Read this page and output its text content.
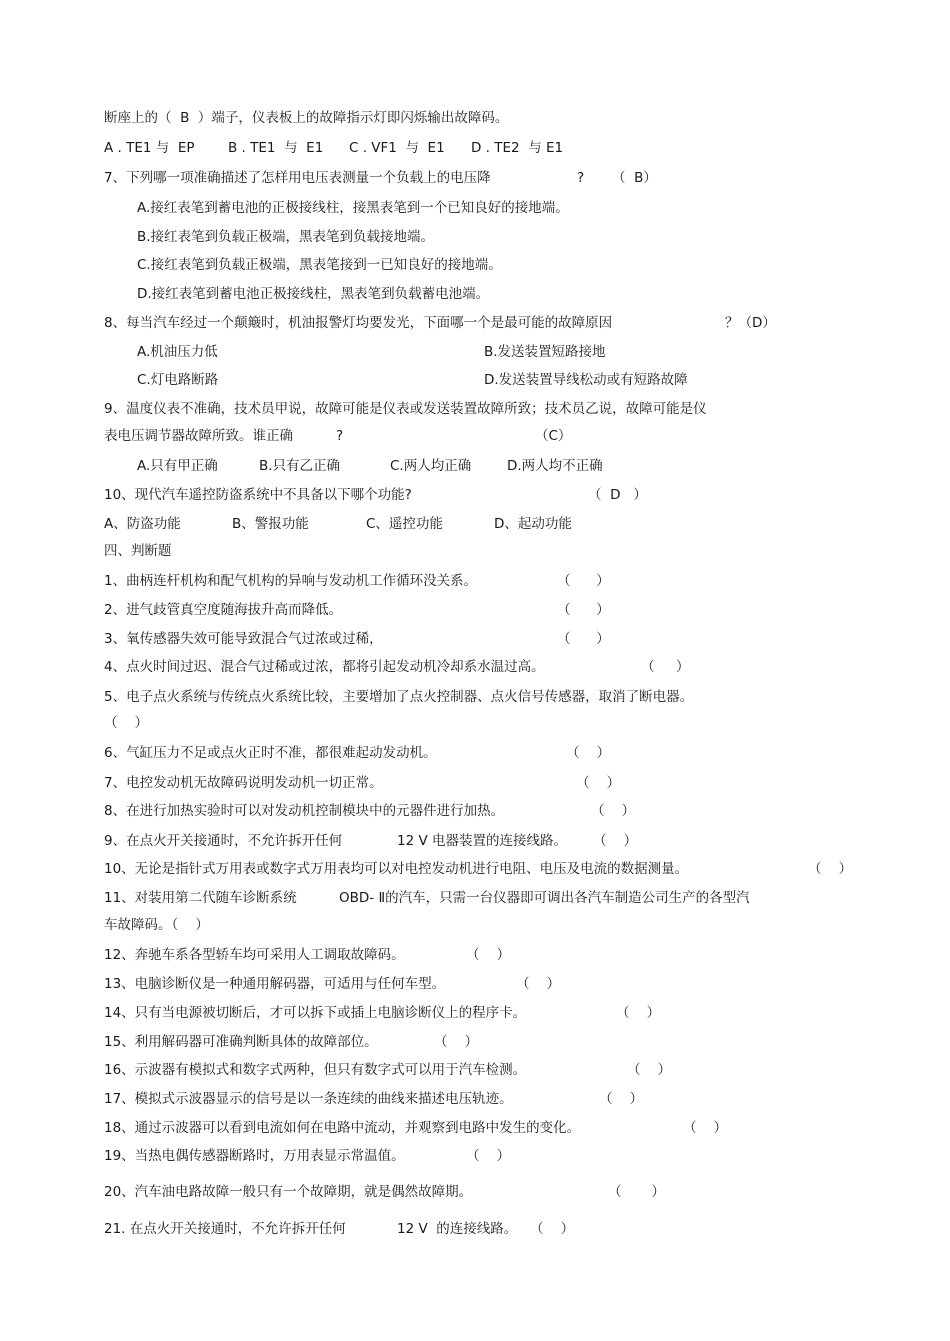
断座上的（  B  ）端子，仪表板上的故障指示灯即闪烁输出故障码。
A . TE1 与  EP B . TE1  与  E1 C . VF1  与  E1 D . TE2  与 E1
7、下列哪一项准确描述了怎样用电压表测量一个负载上的电压降	? （  B）
A.接红表笔到蓄电池的正极接线柱，接黑表笔到一个已知良好的接地端。
B.接红表笔到负载正极端，黑表笔到负载接地端。
C.接红表笔到负载正极端，黑表笔接到一已知良好的接地端。
D.接红表笔到蓄电池正极接线柱，黑表笔到负载蓄电池端。
8、每当汽车经过一个颠簸时，机油报警灯均要发光，下面哪一个是最可能的故障原因	？（D）
A.机油压力低	B.发送装置短路接地
C.灯电路断路	D.发送装置导线松动或有短路故障
9、温度仪表不准确，技术员甲说，故障可能是仪表或发送装置故障所致；技术员乙说，故障可能是仪
表电压调节器故障所致。谁正确	?	（C）
A.只有甲正确	B.只有乙正确	C.两人均正确	D.两人均不正确
10、现代汽车遥控防盗系统中不具备以下哪个功能?	（  D   ）
A、防盗功能	B、警报功能	C、遥控功能	D、起动功能
四、判断题
1、曲柄连杆机构和配气机构的异响与发动机工作循环没关系。	（      ）
2、进气歧管真空度随海拔升高而降低。	（      ）
3、氧传感器失效可能导致混合气过浓或过稀，	（      ）
4、点火时间过迟、混合气过稀或过浓，都将引起发动机冷却系水温过高。	（     ）
5、电子点火系统与传统点火系统比较，主要增加了点火控制器、点火信号传感器，取消了断电器。
（    ）
6、气缸压力不足或点火正时不准，都很难起动发动机。	（    ）
7、电控发动机无故障码说明发动机一切正常。	（    ）
8、在进行加热实验时可以对发动机控制模块中的元器件进行加热。	（    ）
9、在点火开关接通时，不允许拆开任何	12 V 电器装置的连接线路。 （    ）
10、无论是指针式万用表或数字式万用表均可以对电控发动机进行电阻、电压及电流的数据测量。	（    ）
11、对装用第二代随车诊断系统	OBD- Ⅱ的汽车，只需一台仪器即可调出各汽车制造公司生产的各型汽
车故障码。（    ）
12、奔驰车系各型轿车均可采用人工调取故障码。	（    ）
13、电脑诊断仪是一种通用解码器，可适用与任何车型。	（    ）
14、只有当电源被切断后，才可以拆下或插上电脑诊断仪上的程序卡。	（    ）
15、利用解码器可准确判断具体的故障部位。	（    ）
16、示波器有模拟式和数字式两种，但只有数字式可以用于汽车检测。	（    ）
17、模拟式示波器显示的信号是以一条连续的曲线来描述电压轨迹。	（    ）
18、通过示波器可以看到电流如何在电路中流动，并观察到电路中发生的变化。	（    ）
19、当热电偶传感器断路时，万用表显示常温值。	（    ）
20、汽车油电路故障一般只有一个故障期，就是偶然故障期。	（       ）
21. 在点火开关接通时，不允许拆开任何	12 V  的连接线路。 （    ）
